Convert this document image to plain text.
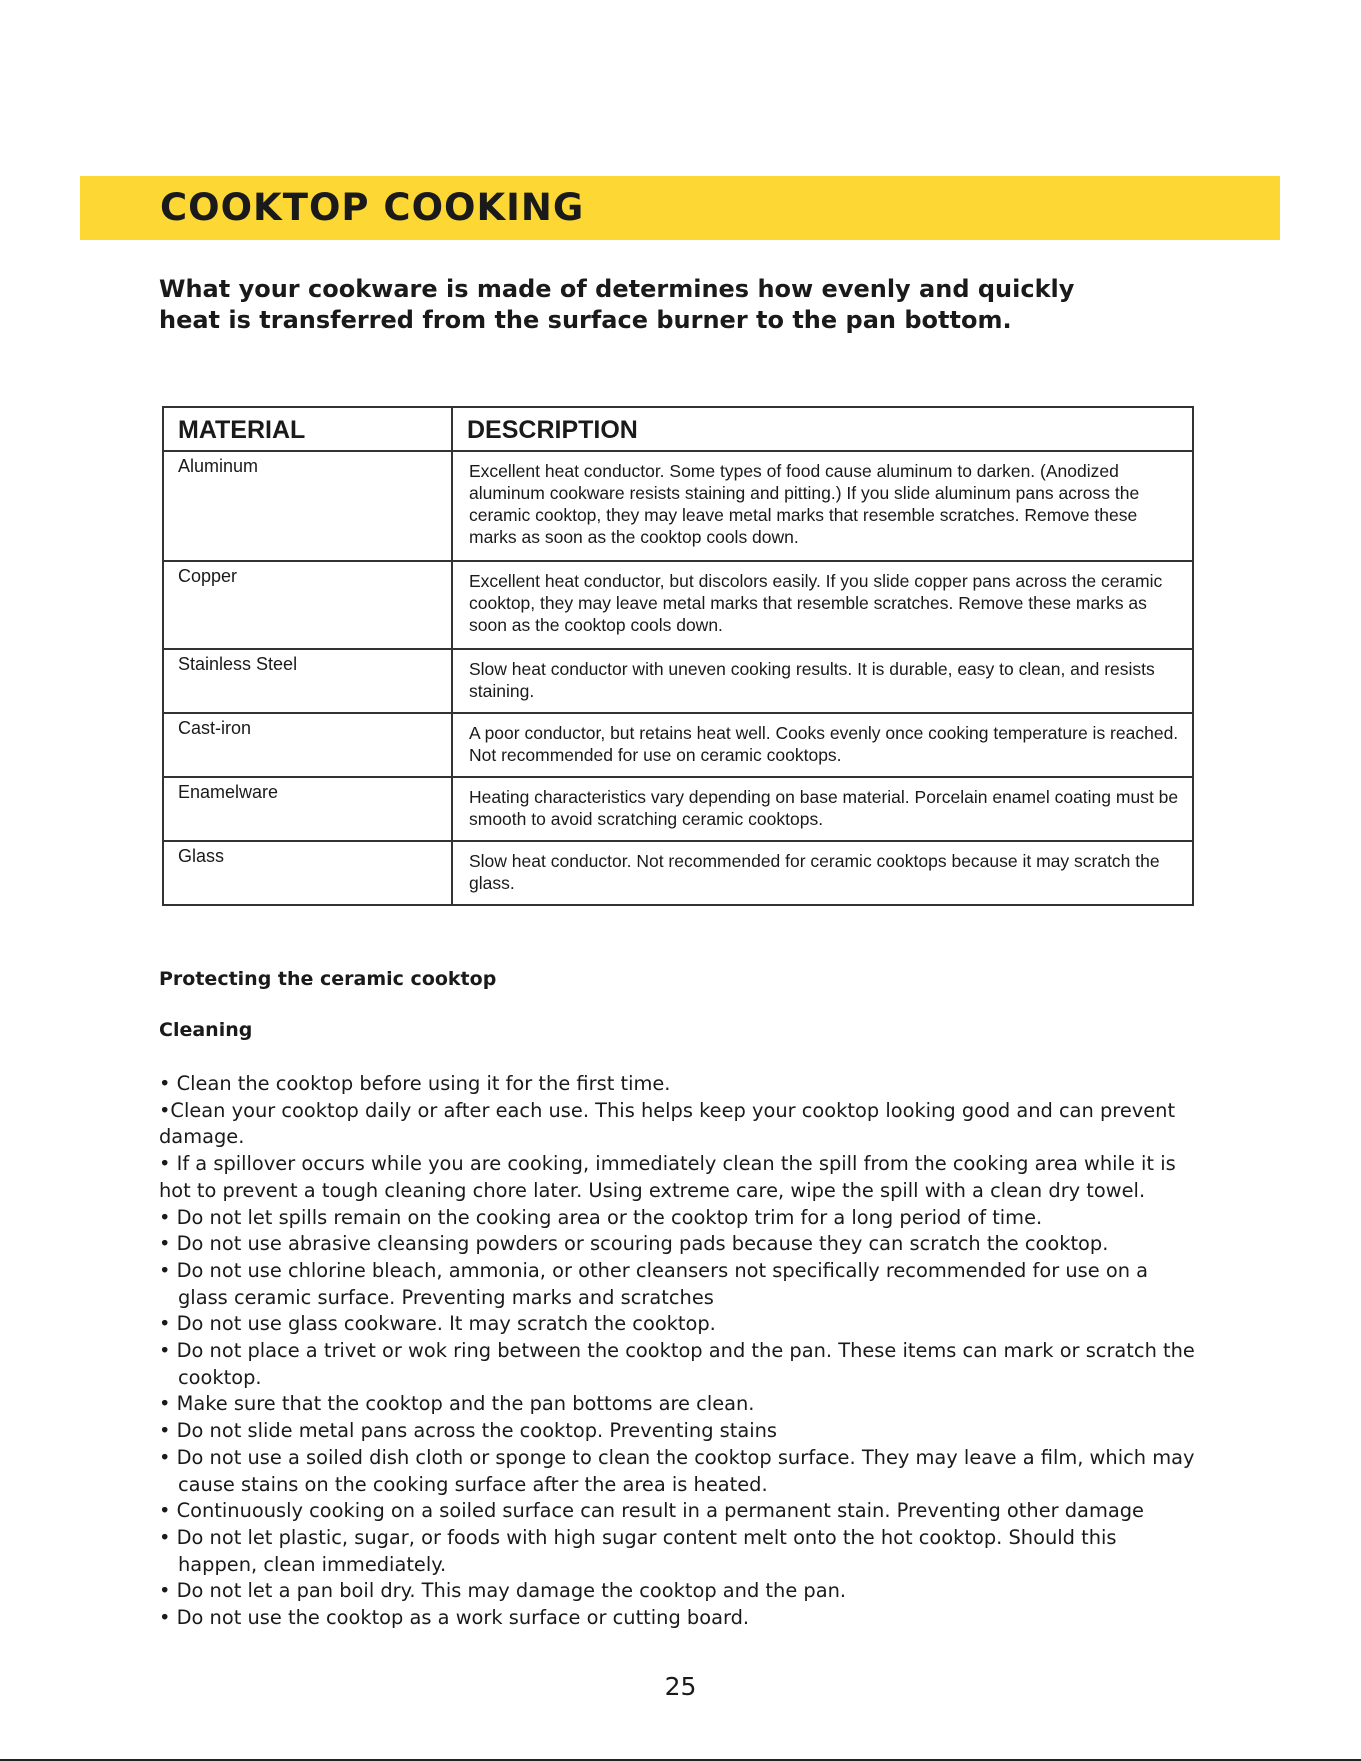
COOKTOP COOKING

What your cookware is made of determines how evenly and quickly heat is transferred from the surface burner to the pan bottom.

MATERIAL	DESCRIPTION
Aluminum	Excellent heat conductor. Some types of food cause aluminum to darken. (Anodized aluminum cookware resists staining and pitting.) If you slide aluminum pans across the ceramic cooktop, they may leave metal marks that resemble scratches. Remove these marks as soon as the cooktop cools down.
Copper	Excellent heat conductor, but discolors easily. If you slide copper pans across the ceramic cooktop, they may leave metal marks that resemble scratches. Remove these marks as soon as the cooktop cools down.
Stainless Steel	Slow heat conductor with uneven cooking results. It is durable, easy to clean, and resists staining.
Cast-iron	A poor conductor, but retains heat well. Cooks evenly once cooking temperature is reached. Not recommended for use on ceramic cooktops.
Enamelware	Heating characteristics vary depending on base material. Porcelain enamel coating must be smooth to avoid scratching ceramic cooktops.
Glass	Slow heat conductor. Not recommended for ceramic cooktops because it may scratch the glass.
Protecting the ceramic cooktop
Cleaning
• Clean the cooktop before using it for the first time.
•Clean your cooktop daily or after each use. This helps keep your cooktop looking good and can prevent damage.
• If a spillover occurs while you are cooking, immediately clean the spill from the cooking area while it is hot to prevent a tough cleaning chore later. Using extreme care, wipe the spill with a clean dry towel.
• Do not let spills remain on the cooking area or the cooktop trim for a long period of time.
• Do not use abrasive cleansing powders or scouring pads because they can scratch the cooktop.
• Do not use chlorine bleach, ammonia, or other cleansers not specifically recommended for use on a glass ceramic surface. Preventing marks and scratches
• Do not use glass cookware. It may scratch the cooktop.
• Do not place a trivet or wok ring between the cooktop and the pan. These items can mark or scratch the cooktop.
• Make sure that the cooktop and the pan bottoms are clean.
• Do not slide metal pans across the cooktop. Preventing stains
• Do not use a soiled dish cloth or sponge to clean the cooktop surface. They may leave a film, which may cause stains on the cooking surface after the area is heated.
• Continuously cooking on a soiled surface can result in a permanent stain. Preventing other damage
• Do not let plastic, sugar, or foods with high sugar content melt onto the hot cooktop. Should this happen, clean immediately.
• Do not let a pan boil dry. This may damage the cooktop and the pan.
• Do not use the cooktop as a work surface or cutting board.
25
